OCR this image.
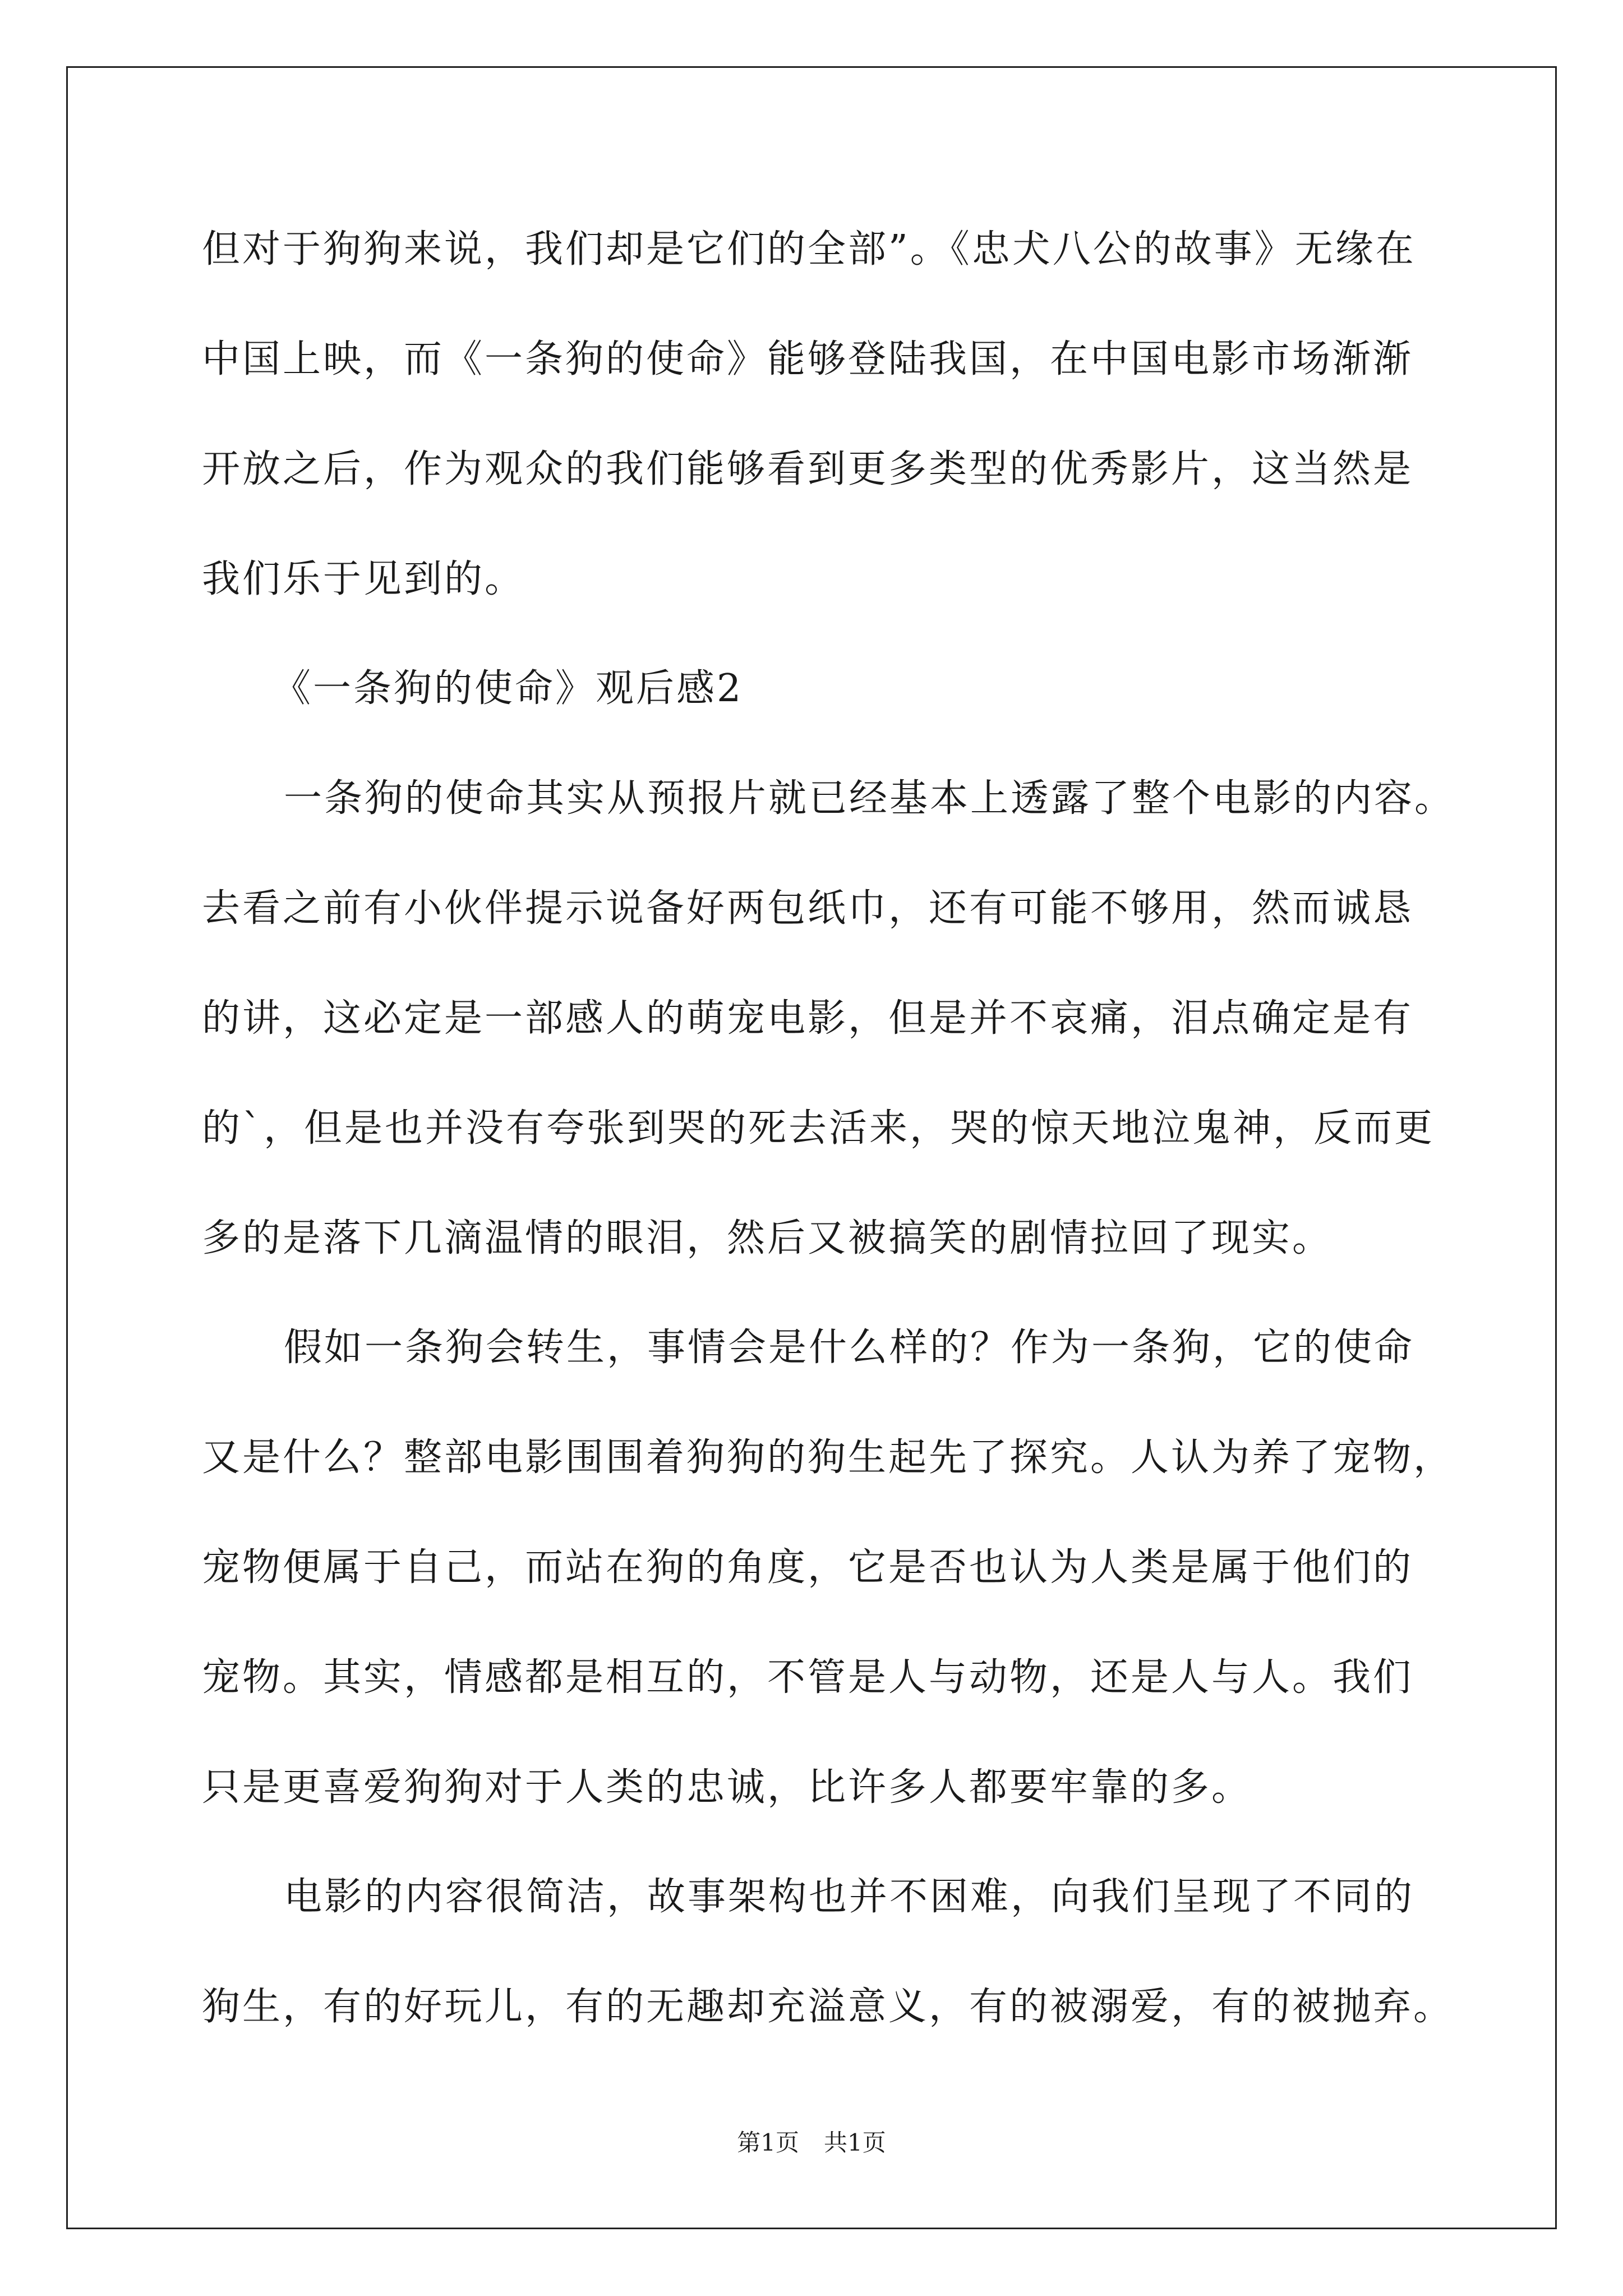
但对于狗狗来说，我们却是它们的全部”。《忠犬八公的故事》无缘在
中国上映，而《一条狗的使命》能够登陆我国，在中国电影市场渐渐
开放之后，作为观众的我们能够看到更多类型的优秀影片，这当然是
我们乐于见到的。
《一条狗的使命》观后感2
一条狗的使命其实从预报片就已经基本上透露了整个电影的内容。
去看之前有小伙伴提示说备好两包纸巾，还有可能不够用，然而诚恳
的讲，这必定是一部感人的萌宠电影，但是并不哀痛，泪点确定是有
的`，但是也并没有夸张到哭的死去活来，哭的惊天地泣鬼神，反而更
多的是落下几滴温情的眼泪，然后又被搞笑的剧情拉回了现实。
假如一条狗会转生，事情会是什么样的？作为一条狗，它的使命
又是什么？整部电影围围着狗狗的狗生起先了探究。人认为养了宠物，
宠物便属于自己，而站在狗的角度，它是否也认为人类是属于他们的
宠物。其实，情感都是相互的，不管是人与动物，还是人与人。我们
只是更喜爱狗狗对于人类的忠诚，比许多人都要牢靠的多。
电影的内容很简洁，故事架构也并不困难，向我们呈现了不同的
狗生，有的好玩儿，有的无趣却充溢意义，有的被溺爱，有的被抛弃。
第1页 共1页
